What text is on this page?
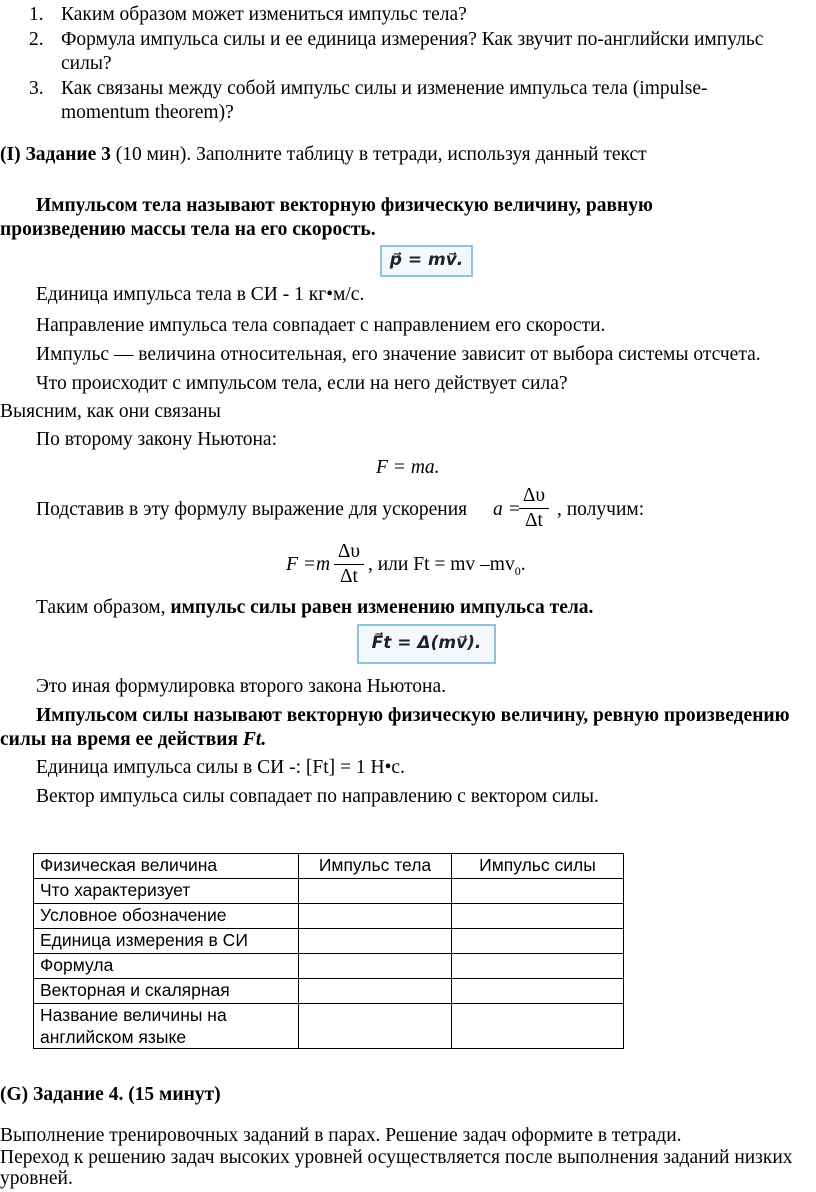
1. Каким образом может измениться импульс тела?
2. Формула импульса силы и ее единица измерения? Как звучит по-английски импульс
силы?
3. Как связаны между собой импульс силы и изменение импульса тела (impulse-
momentum theorem)?
(I) Задание 3 (10 мин). Заполните таблицу в тетради, используя данный текст
Импульсом тела называют векторную физическую величину, равную
произведению массы тела на его скорость.
p⃗ = mv⃗.
Единица импульса тела в СИ - 1 кг•м/с.
Направление импульса тела совпадает с направлением его скорости.
Импульс — величина относительная, его значение зависит от выбора системы отсчета.
Что происходит с импульсом тела, если на него действует сила?
Выясним, как они связаны
По второму закону Ньютона:
F = ma.
Подставив в эту формулу выражение для ускорения a =
Δυ
Δt
, получим:
F =m
Δυ
Δt
, или Ft = mv $-mv_0$.
Таким образом, импульс силы равен изменению импульса тела.
F⃗t = Δ(mv⃗).
Это иная формулировка второго закона Ньютона.
Импульсом силы называют векторную физическую величину, ревную произведению
силы на время ее действия Ft.
Единица импульса силы в СИ -: [Ft] = 1 Н•с.
Вектор импульса силы совпадает по направлению с вектором силы.
Физическая величина	Импульс тела	Импульс силы
Что характеризует		
Условное обозначение		
Единица измерения в СИ		
Формула		
Векторная и скалярная		
Название величины на английском языке		
(G) Задание 4. (15 минут)
Выполнение тренировочных заданий в парах. Решение задач оформите в тетради.
Переход к решению задач высоких уровней осуществляется после выполнения заданий низких
уровней.
